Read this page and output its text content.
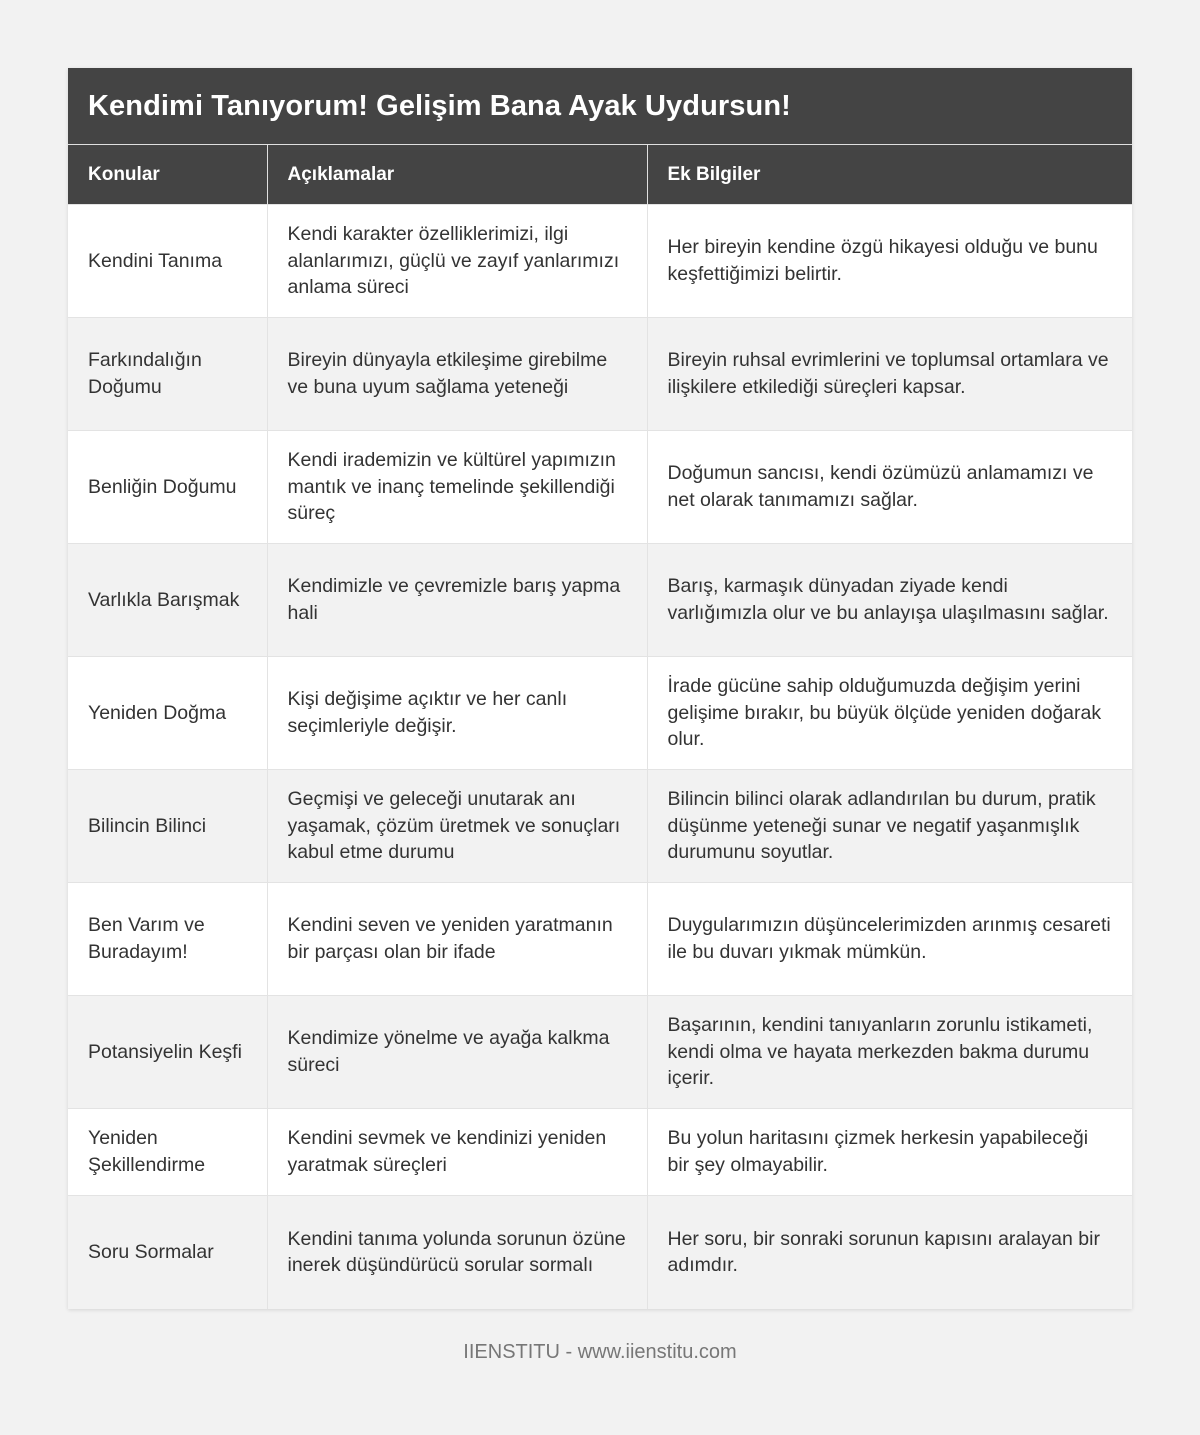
Kendimi Tanıyorum! Gelişim Bana Ayak Uydursun!
Konular	Açıklamalar	Ek Bilgiler
Kendini Tanıma	Kendi karakter özelliklerimizi, ilgi alanlarımızı, güçlü ve zayıf yanlarımızı anlama süreci	Her bireyin kendine özgü hikayesi olduğu ve bunu keşfettiğimizi belirtir.
Farkındalığın Doğumu	Bireyin dünyayla etkileşime girebilme ve buna uyum sağlama yeteneği	Bireyin ruhsal evrimlerini ve toplumsal ortamlara ve ilişkilere etkilediği süreçleri kapsar.
Benliğin Doğumu	Kendi irademizin ve kültürel yapımızın mantık ve inanç temelinde şekillendiği süreç	Doğumun sancısı, kendi özümüzü anlamamızı ve net olarak tanımamızı sağlar.
Varlıkla Barışmak	Kendimizle ve çevremizle barış yapma hali	Barış, karmaşık dünyadan ziyade kendi varlığımızla olur ve bu anlayışa ulaşılmasını sağlar.
Yeniden Doğma	Kişi değişime açıktır ve her canlı seçimleriyle değişir.	İrade gücüne sahip olduğumuzda değişim yerini gelişime bırakır, bu büyük ölçüde yeniden doğarak olur.
Bilincin Bilinci	Geçmişi ve geleceği unutarak anı yaşamak, çözüm üretmek ve sonuçları kabul etme durumu	Bilincin bilinci olarak adlandırılan bu durum, pratik düşünme yeteneği sunar ve negatif yaşanmışlık durumunu soyutlar.
Ben Varım ve Buradayım!	Kendini seven ve yeniden yaratmanın bir parçası olan bir ifade	Duygularımızın düşüncelerimizden arınmış cesareti ile bu duvarı yıkmak mümkün.
Potansiyelin Keşfi	Kendimize yönelme ve ayağa kalkma süreci	Başarının, kendini tanıyanların zorunlu istikameti, kendi olma ve hayata merkezden bakma durumu içerir.
Yeniden Şekillendirme	Kendini sevmek ve kendinizi yeniden yaratmak süreçleri	Bu yolun haritasını çizmek herkesin yapabileceği bir şey olmayabilir.
Soru Sormalar	Kendini tanıma yolunda sorunun özüne inerek düşündürücü sorular sormalı	Her soru, bir sonraki sorunun kapısını aralayan bir adımdır.
IIENSTITU - www.iienstitu.com
